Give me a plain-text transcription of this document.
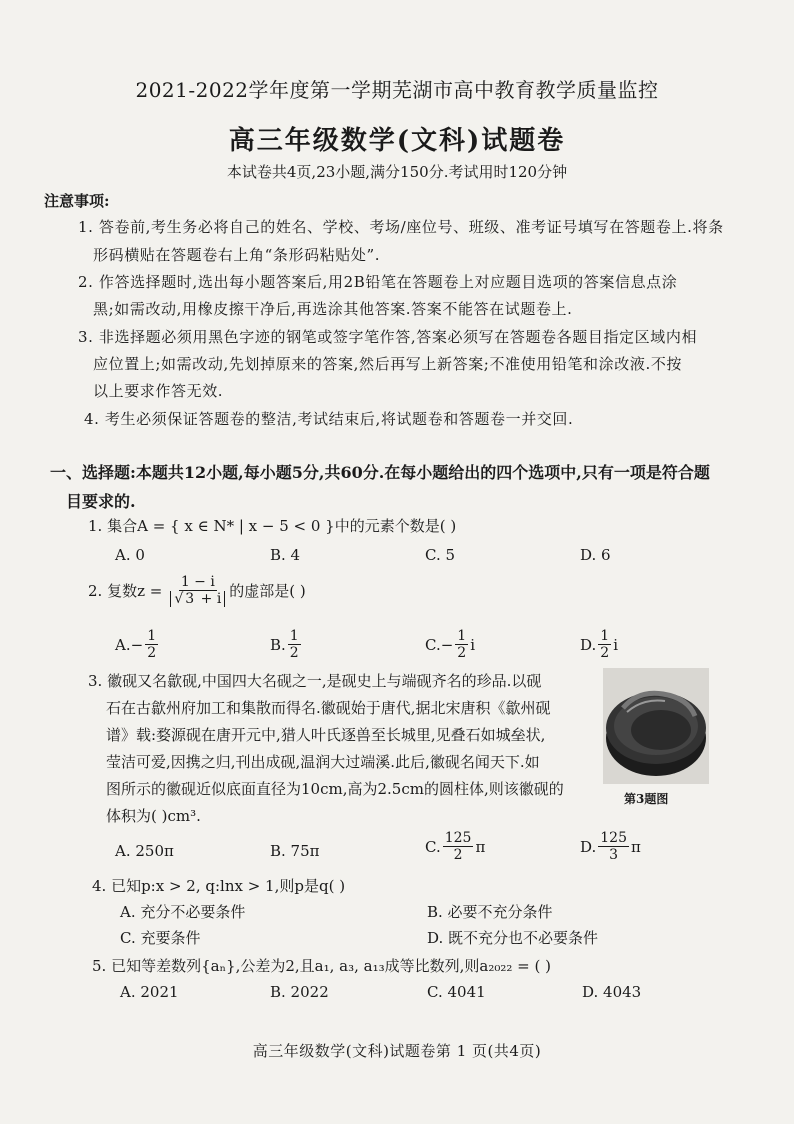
2021-2022学年度第一学期芜湖市高中教育教学质量监控
高三年级数学(文科)试题卷
本试卷共4页,23小题,满分150分.考试用时120分钟
注意事项:
1. 答卷前,考生务必将自己的姓名、学校、考场/座位号、班级、准考证号填写在答题卷上.将条
形码横贴在答题卷右上角“条形码粘贴处”.
2. 作答选择题时,选出每小题答案后,用2B铅笔在答题卷上对应题目选项的答案信息点涂
黑;如需改动,用橡皮擦干净后,再选涂其他答案.答案不能答在试题卷上.
3. 非选择题必须用黑色字迹的钢笔或签字笔作答,答案必须写在答题卷各题目指定区域内相
应位置上;如需改动,先划掉原来的答案,然后再写上新答案;不准使用铅笔和涂改液.不按
以上要求作答无效.
4. 考生必须保证答题卷的整洁,考试结束后,将试题卷和答题卷一并交回.
一、选择题:本题共12小题,每小题5分,共60分.在每小题给出的四个选项中,只有一项是符合题
目要求的.
1. 集合A = { x ∈ N* | x − 5 < 0 }中的元素个数是( )
A. 0	B. 4	C. 5	D. 6
2. 复数 $z = \frac{1 - i}{√ 3 + i}$ 的虚部是( )
A. − $\frac{1}{2}$	B. $\frac{1}{2}$	C. − $\frac{1}{2}$ i	D. $\frac{1}{2}$ i
3. 徽砚又名歙砚,中国四大名砚之一,是砚史上与端砚齐名的珍品.以砚
石在古歙州府加工和集散而得名.徽砚始于唐代,据北宋唐积《歙州砚
谱》载:婺源砚在唐开元中,猎人叶氏逐兽至长城里,见叠石如城垒状,
莹洁可爱,因携之归,刊出成砚,温润大过端溪.此后,徽砚名闻天下.如
图所示的徽砚近似底面直径为10cm,高为2.5cm的圆柱体,则该徽砚的
体积为( )cm³.
第3题图
A. 250π	B. 75π	C. $\frac{125}{2}$ π	D. $\frac{125}{3}$ π
4. 已知p:x > 2, q:lnx > 1,则p是q( )
A. 充分不必要条件	B. 必要不充分条件
C. 充要条件	D. 既不充分也不必要条件
5. 已知等差数列{aₙ},公差为2,且a₁, a₃, a₁₃成等比数列,则a₂₀₂₂ = ( )
A. 2021	B. 2022	C. 4041	D. 4043
高三年级数学(文科)试题卷第 1 页(共4页)
